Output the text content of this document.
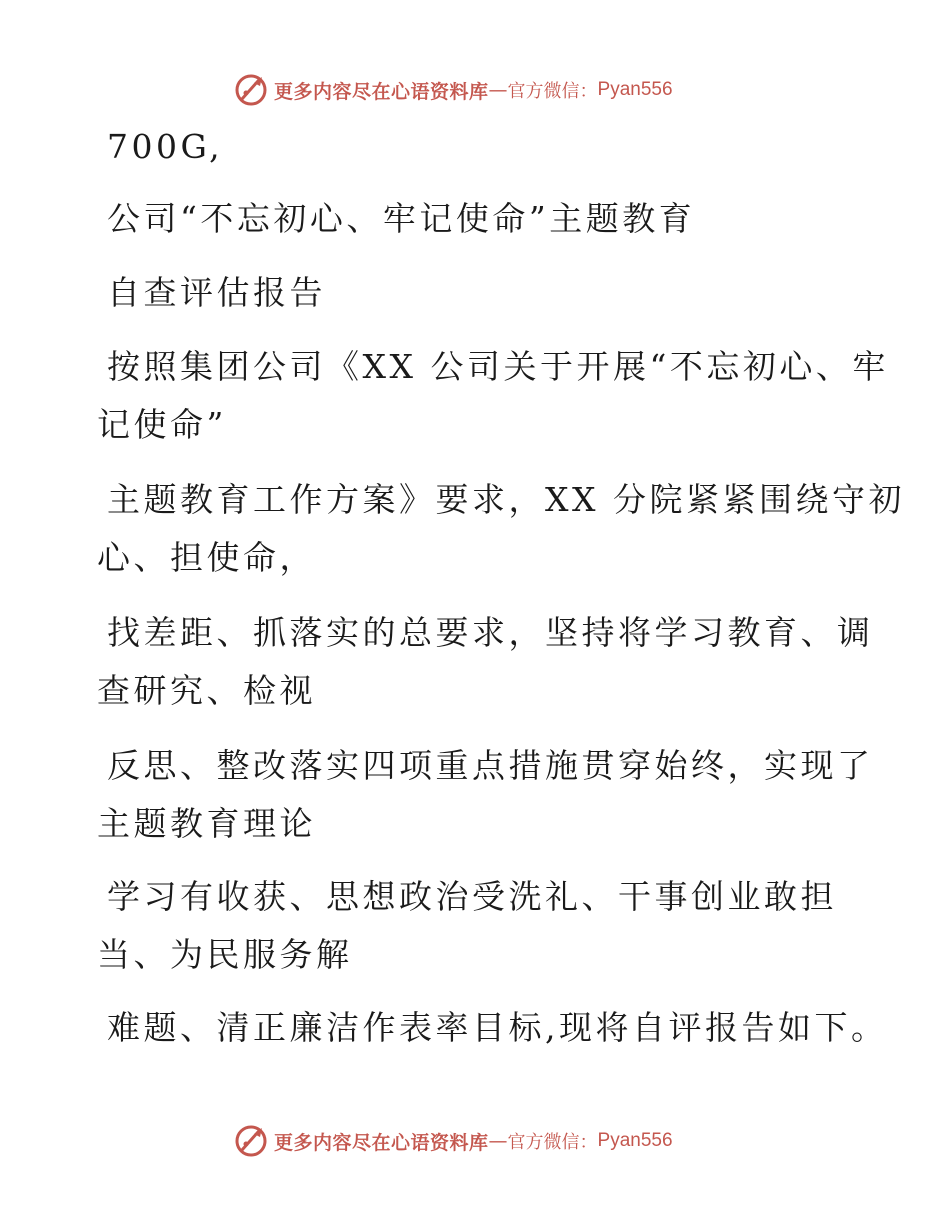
更多内容尽在心语资料库 — 官方微信： Pyan556
700G,
公司“不忘初心、牢记使命”主题教育
自查评估报告
按照集团公司《XX 公司关于开展“不忘初心、牢
记使命”
主题教育工作方案》要求，XX 分院紧紧围绕守初
心、担使命，
找差距、抓落实的总要求，坚持将学习教育、调
查研究、检视
反思、整改落实四项重点措施贯穿始终，实现了
主题教育理论
学习有收获、思想政治受洗礼、干事创业敢担
当、为民服务解
难题、清正廉洁作表率目标,现将自评报告如下。
更多内容尽在心语资料库 — 官方微信： Pyan556
